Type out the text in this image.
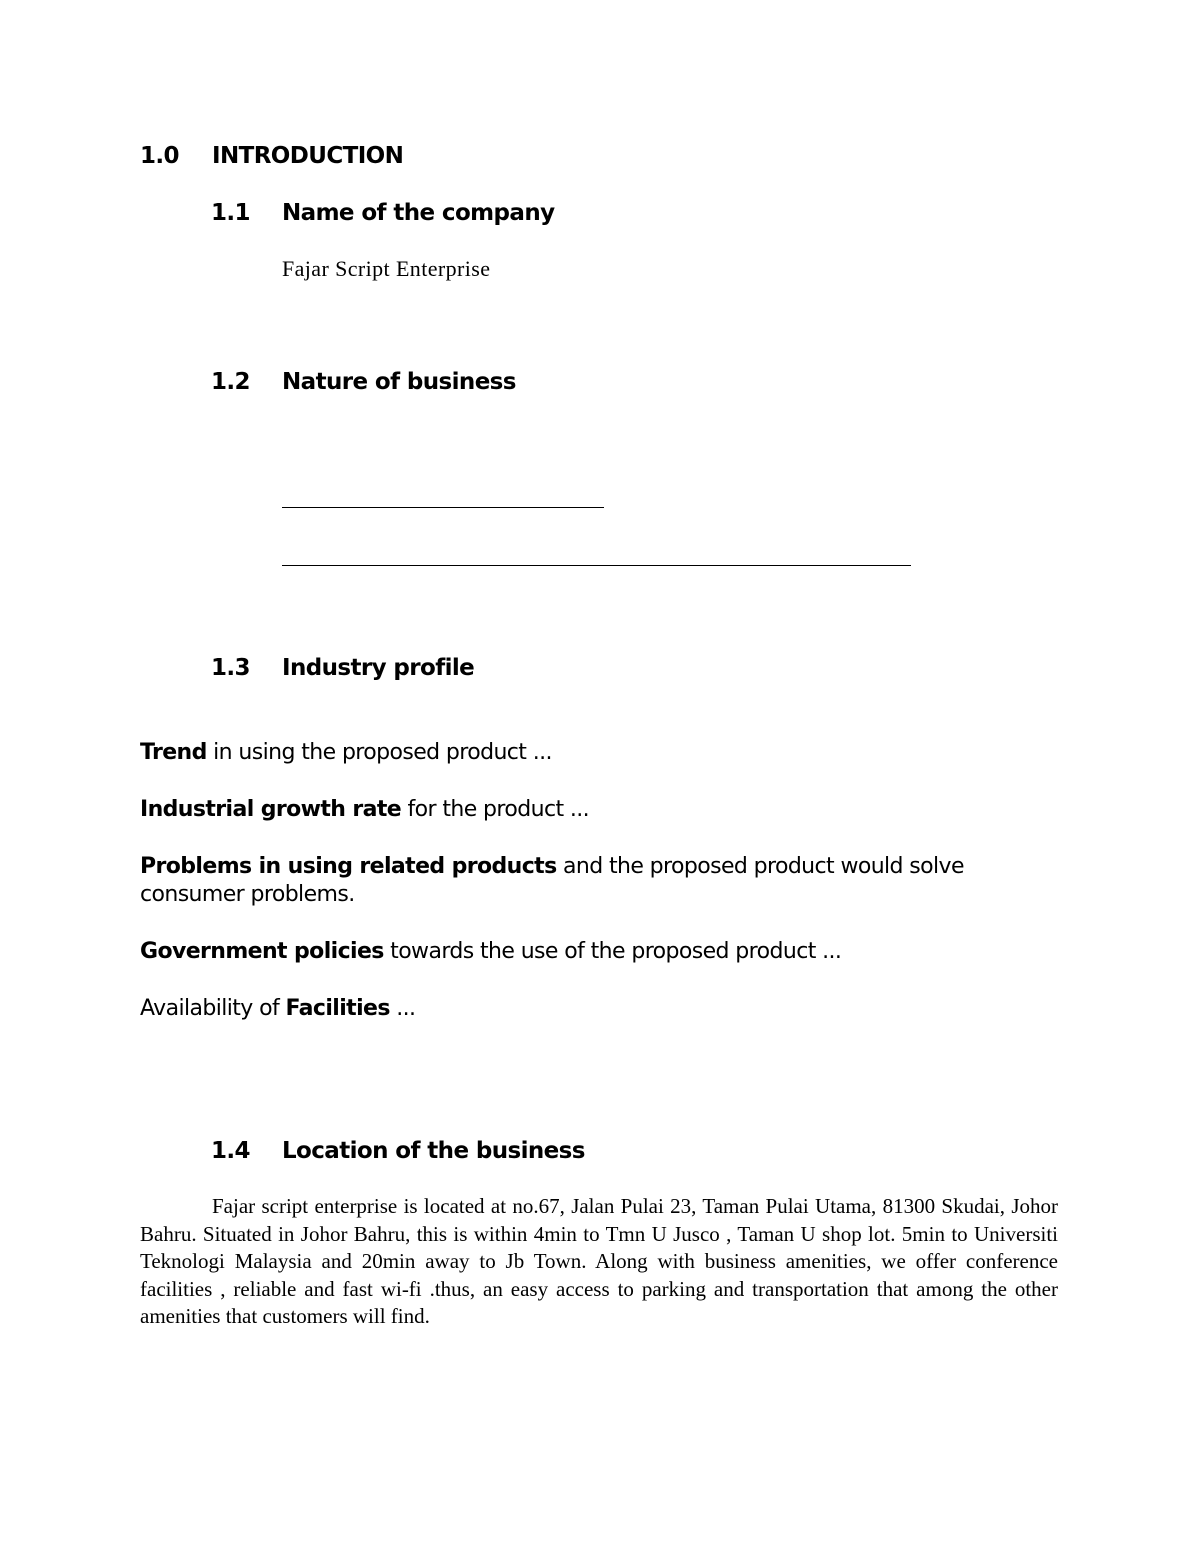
1.0 INTRODUCTION
1.1 Name of the company
Fajar Script Enterprise
1.2 Nature of business
1.3 Industry profile
Trend in using the proposed product ...
Industrial growth rate for the product ...
Problems in using related products and the proposed product would solve consumer problems.
Government policies towards the use of the proposed product ...
Availability of Facilities ...
1.4 Location of the business
Fajar script enterprise is located at no.67, Jalan Pulai 23, Taman Pulai Utama, 81300 Skudai, Johor Bahru. Situated in Johor Bahru, this is within 4min to Tmn U Jusco , Taman U shop lot. 5min to Universiti Teknologi Malaysia and 20min away to Jb Town. Along with business amenities, we offer conference facilities , reliable and fast wi-fi .thus, an easy access to parking and transportation that among the other amenities that customers will find.
